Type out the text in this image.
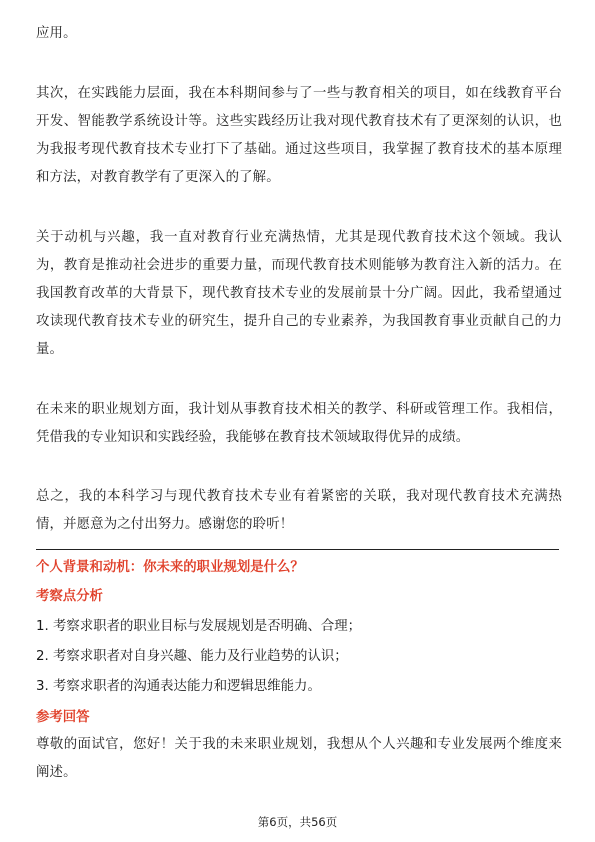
应用。

其次，在实践能力层面，我在本科期间参与了一些与教育相关的项目，如在线教育平台开发、智能教学系统设计等。这些实践经历让我对现代教育技术有了更深刻的认识，也为我报考现代教育技术专业打下了基础。通过这些项目，我掌握了教育技术的基本原理和方法，对教育教学有了更深入的了解。

关于动机与兴趣，我一直对教育行业充满热情，尤其是现代教育技术这个领域。我认为，教育是推动社会进步的重要力量，而现代教育技术则能够为教育注入新的活力。在我国教育改革的大背景下，现代教育技术专业的发展前景十分广阔。因此，我希望通过攻读现代教育技术专业的研究生，提升自己的专业素养，为我国教育事业贡献自己的力量。

在未来的职业规划方面，我计划从事教育技术相关的教学、科研或管理工作。我相信，凭借我的专业知识和实践经验，我能够在教育技术领域取得优异的成绩。

总之，我的本科学习与现代教育技术专业有着紧密的关联，我对现代教育技术充满热情，并愿意为之付出努力。感谢您的聆听！

个人背景和动机：你未来的职业规划是什么？

考察点分析

1. 考察求职者的职业目标与发展规划是否明确、合理；

2. 考察求职者对自身兴趣、能力及行业趋势的认识；

3. 考察求职者的沟通表达能力和逻辑思维能力。

参考回答

尊敬的面试官，您好！关于我的未来职业规划，我想从个人兴趣和专业发展两个维度来阐述。

第6页，共56页
